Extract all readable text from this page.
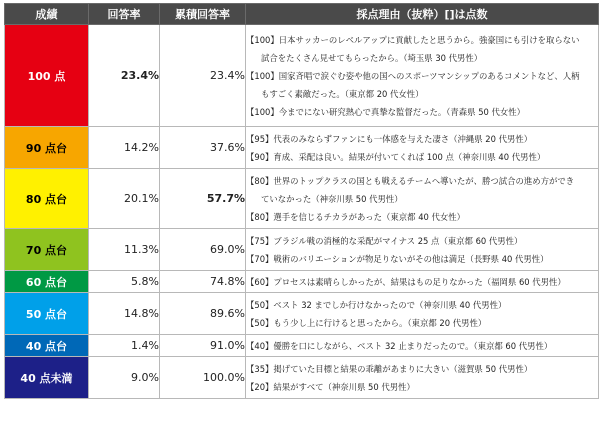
成績	回答率	累積回答率	採点理由（抜粋）[]は点数
100 点	23.4%	23.4%	【100】日本サッカーのレベルアップに貢献したと思うから。強豪国にも引けを取らない
試合をたくさん見せてもらったから。（埼玉県 30 代男性）
【100】国家斉唱で涙ぐむ姿や他の国へのスポーツマンシップのあるコメントなど、人柄
もすごく素敵だった。（東京都 20 代女性）
【100】今までにない研究熱心で真摯な監督だった。（青森県 50 代女性）

90 点台	14.2%	37.6%	【95】代表のみならずファンにも一体感を与えた凄さ（沖縄県 20 代男性）
【90】育成、采配は良い。結果が付いてくれば 100 点（神奈川県 40 代男性）

80 点台	20.1%	57.7%	【80】世界のトップクラスの国とも戦えるチームへ導いたが、勝つ試合の進め方ができ
ていなかった（神奈川県 50 代男性）
【80】選手を信じるチカラがあった（東京都 40 代女性）

70 点台	11.3%	69.0%	【75】ブラジル戦の消極的な采配がマイナス 25 点（東京都 60 代男性）
【70】戦術のバリエーションが物足りないがその他は満足（長野県 40 代男性）

60 点台	5.8%	74.8%	【60】プロセスは素晴らしかったが、結果はもの足りなかった（福岡県 60 代男性）

50 点台	14.8%	89.6%	【50】ベスト 32 までしか行けなかったので（神奈川県 40 代男性）
【50】もう少し上に行けると思ったから。（東京都 20 代男性）

40 点台	1.4%	91.0%	【40】優勝を口にしながら、ベスト 32 止まりだったので。（東京都 60 代男性）

40 点未満	9.0%	100.0%	【35】掲げていた目標と結果の乖離があまりに大きい（滋賀県 50 代男性）
【20】結果がすべて（神奈川県 50 代男性）
